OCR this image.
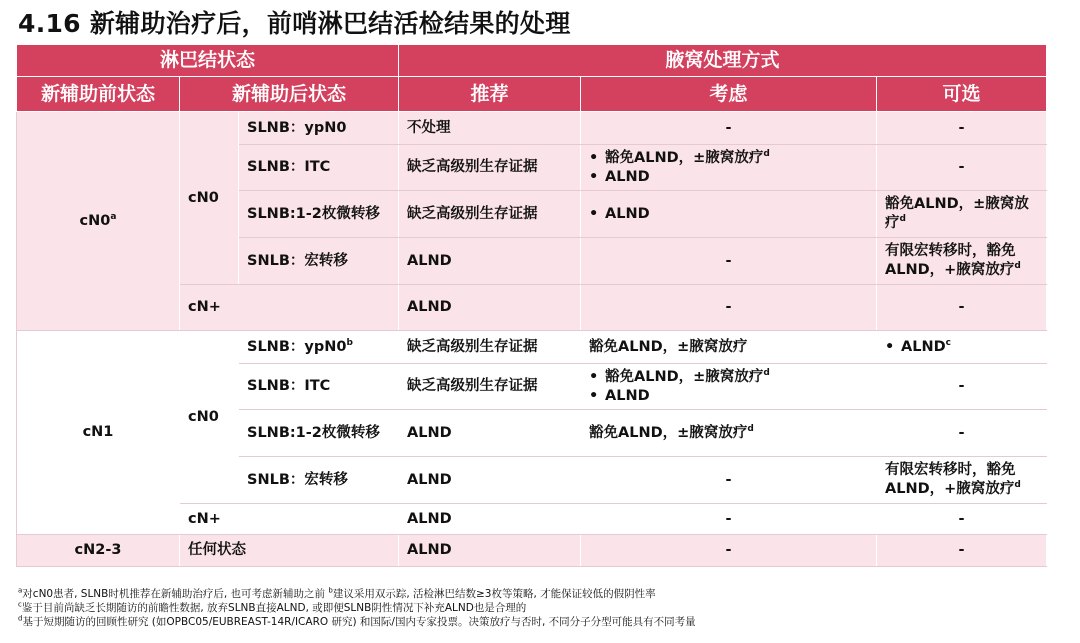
4.16 新辅助治疗后，前哨淋巴结活检结果的处理
淋巴结状态			腋窝处理方式		
新辅助前状态	新辅助后状态		推荐	考虑	可选
cN0$^a$	cN0	SLNB：ypN0	不处理	-	-
		SLNB：ITC	缺乏高级别生存证据	• 豁免ALND，±腋窝放疗$^d$
• ALND	-
		SLNB:1-2枚微转移	缺乏高级别生存证据	• ALND	豁免ALND，±腋窝放疗$^d$
		SNLB：宏转移	ALND	-	有限宏转移时，豁免
ALND，+腋窝放疗$^d$

	cN+		ALND	-	-
cN1	cN0	SLNB：ypN0$^b$	缺乏高级别生存证据	豁免ALND，±腋窝放疗	• ALND$^c$
		SLNB：ITC	缺乏高级别生存证据	• 豁免ALND，±腋窝放疗$^d$
• ALND	-
		SLNB:1-2枚微转移	ALND	豁免ALND，±腋窝放疗$^d$	-
		SNLB：宏转移	ALND	-	有限宏转移时，豁免
ALND，+腋窝放疗$^d$

	cN+		ALND	-	-
cN2-3	任何状态		ALND	-	-
$^a$对cN0患者, SLNB时机推荐在新辅助治疗后, 也可考虑新辅助之前 $^b$建议采用双示踪, 活检淋巴结数≥3枚等策略, 才能保证较低的假阴性率
$^c$鉴于目前尚缺乏长期随访的前瞻性数据, 放弃SLNB直接ALND, 或即便SLNB阴性情况下补充ALND也是合理的
$^d$基于短期随访的回顾性研究 (如OPBC05/EUBREAST-14R/ICARO 研究) 和国际/国内专家投票。决策放疗与否时, 不同分子分型可能具有不同考量
